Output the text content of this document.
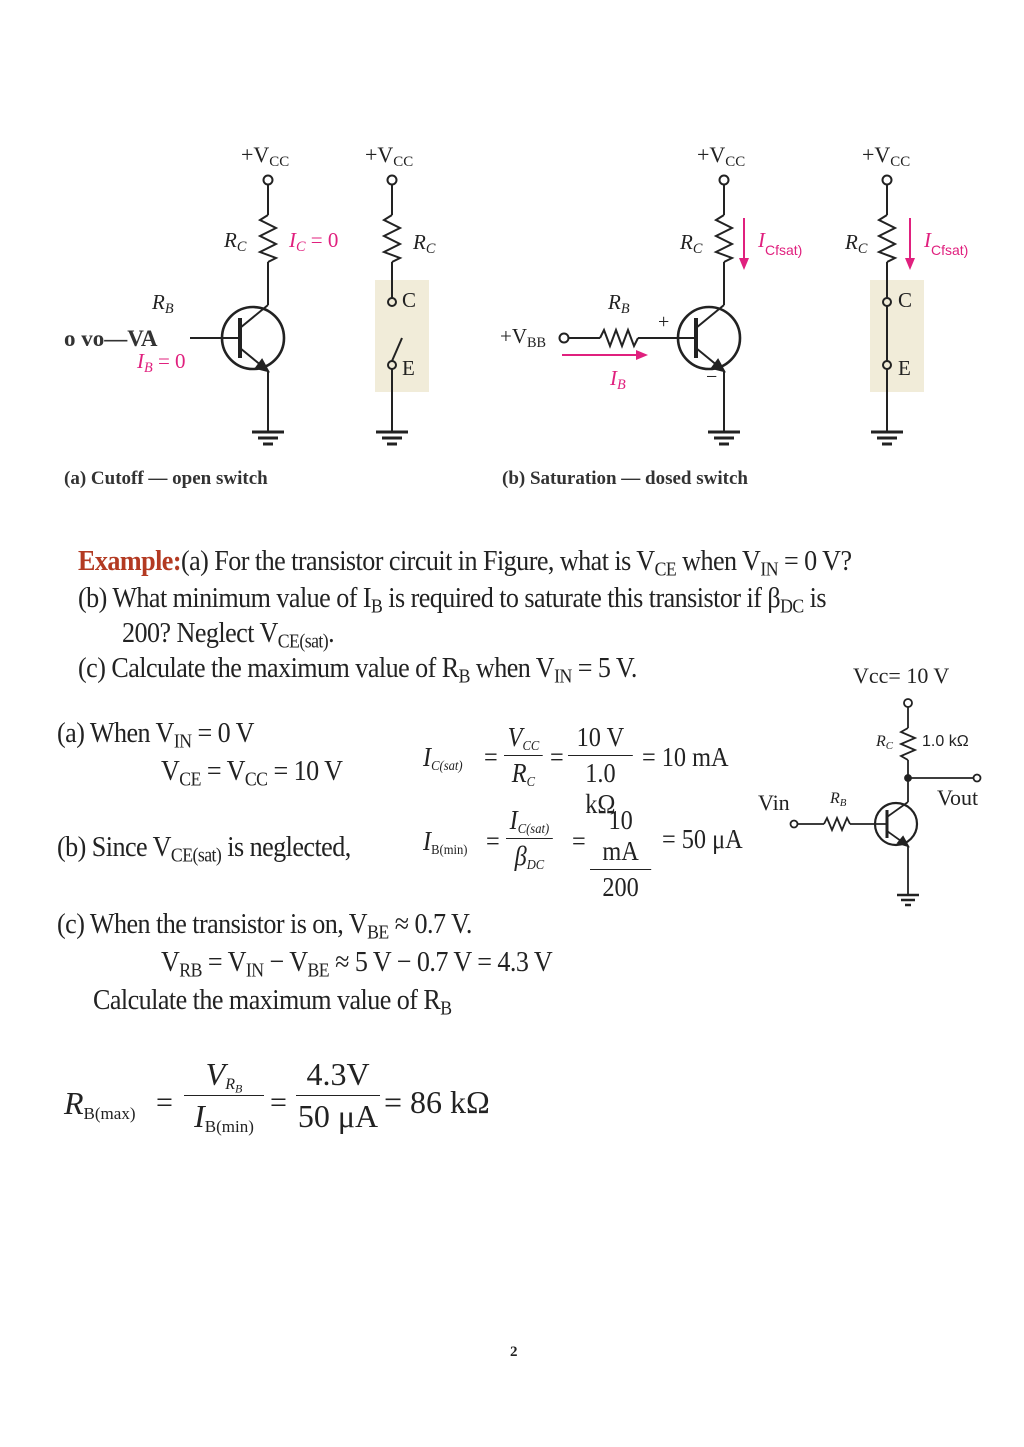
$+V_{CC}$	$+V_{CC}$	$+V_{CC}$	$+V_{CC}$
$R_C$ $I_C = 0$	$R_C$	$R_C$	$R_C$
$I_{Cfsat)}$	$I_{Cfsat)}$
$R_B$
o vo—VA
$I_B = 0$
C
E
C
E
$R_B$
$+V_{BB}$
$I_B$
+
−
(a) Cutoff — open switch	(b) Saturation — dosed switch
Example:(a) For the transistor circuit in Figure, what is $V_{CE}$ when $V_{IN} = 0$ V?
(b) What minimum value of $I_B$ is required to saturate this transistor if $\beta_{DC}$ is
200? Neglect $V_{CE(sat)}$.
(c) Calculate the maximum value of $R_B$ when $V_{IN} = 5$ V.	Vcc= 10 V
$R_C$ 1.0 kΩ
$R_B$
Vin	Vout
(a) When $V_{IN} = 0$ V
$V_{CE} = V_{CC} = 10$ V	$I_{C(sat)}$ =
$V_{CC}$
$R_C$
= $\frac{10 V}{1.0 k\Omega} = 10$ mA
(b) Since $V_{CE(sat)}$ is neglected,	$I_{B(min)}$ =
$I_{C(sat)}$
$\beta_{DC}$
= $\frac{10 mA}{200} = 50$ μA
(c) When the transistor is on, $V_{BE} \approx 0.7$ V.
$V_{RB} = V_{IN} - V_{BE} \approx 5$ V − 0.7 V = 4.3 V
Calculate the maximum value of $R_B$
$R_{B(max)}$ =
$V_{R_B}$
$I_{B(min)}$
= $\frac{4.3V}{50 \mu A} = 86$ kΩ
2
